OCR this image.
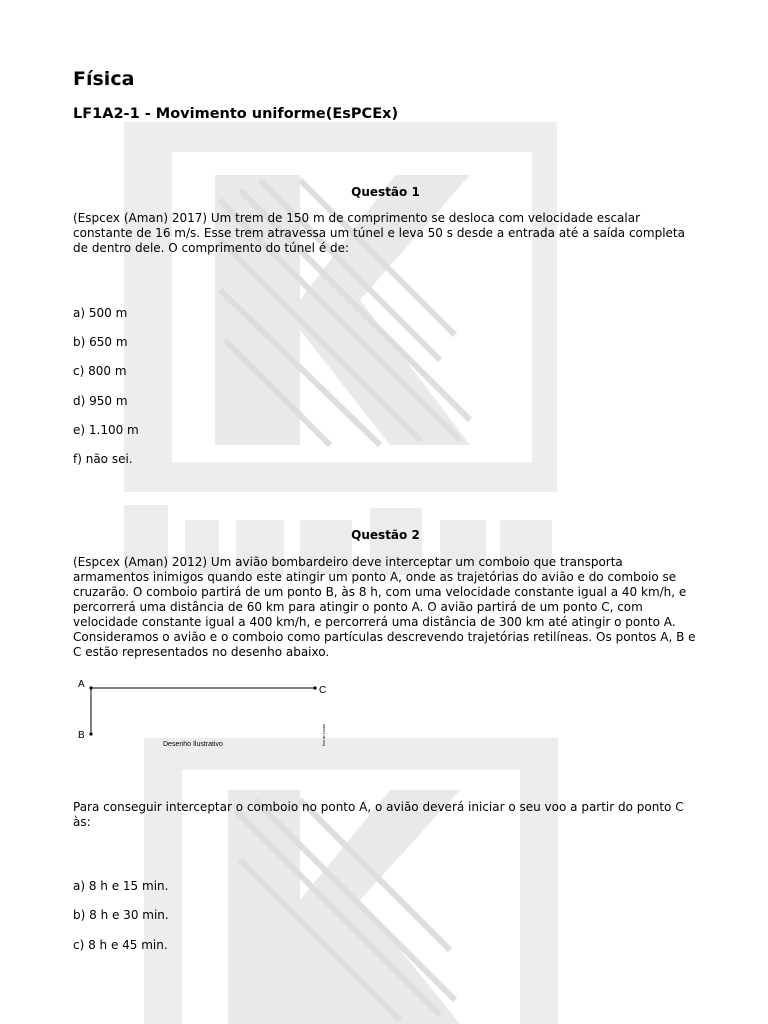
Física
LF1A2-1 - Movimento uniforme(EsPCEx)
Questão 1

(Espcex (Aman) 2017) Um trem de 150 m de comprimento se desloca com velocidade escalar constante de 16 m/s. Esse trem atravessa um túnel e leva 50 s desde a entrada até a saída completa de dentro dele. O comprimento do túnel é de:

a) 500 m

b) 650 m

c) 800 m

d) 950 m

e) 1.100 m

f) não sei.

Questão 2

(Espcex (Aman) 2012) Um avião bombardeiro deve interceptar um comboio que transporta armamentos inimigos quando este atingir um ponto A, onde as trajetórias do avião e do comboio se cruzarão. O comboio partirá de um ponto B, às 8 h, com uma velocidade constante igual a 40 km/h, e percorrerá uma distância de 60 km para atingir o ponto A. O avião partirá de um ponto C, com velocidade constante igual a 400 km/h, e percorrerá uma distância de 300 km até atingir o ponto A. Consideramos o avião e o comboio como partículas descrevendo trajetórias retilíneas. Os pontos A, B e C estão representados no desenho abaixo.

A
C
B
Desenho Ilustrativo	fora de escala

Para conseguir interceptar o comboio no ponto A, o avião deverá iniciar o seu voo a partir do ponto C às:

a) 8 h e 15 min.

b) 8 h e 30 min.

c) 8 h e 45 min.
